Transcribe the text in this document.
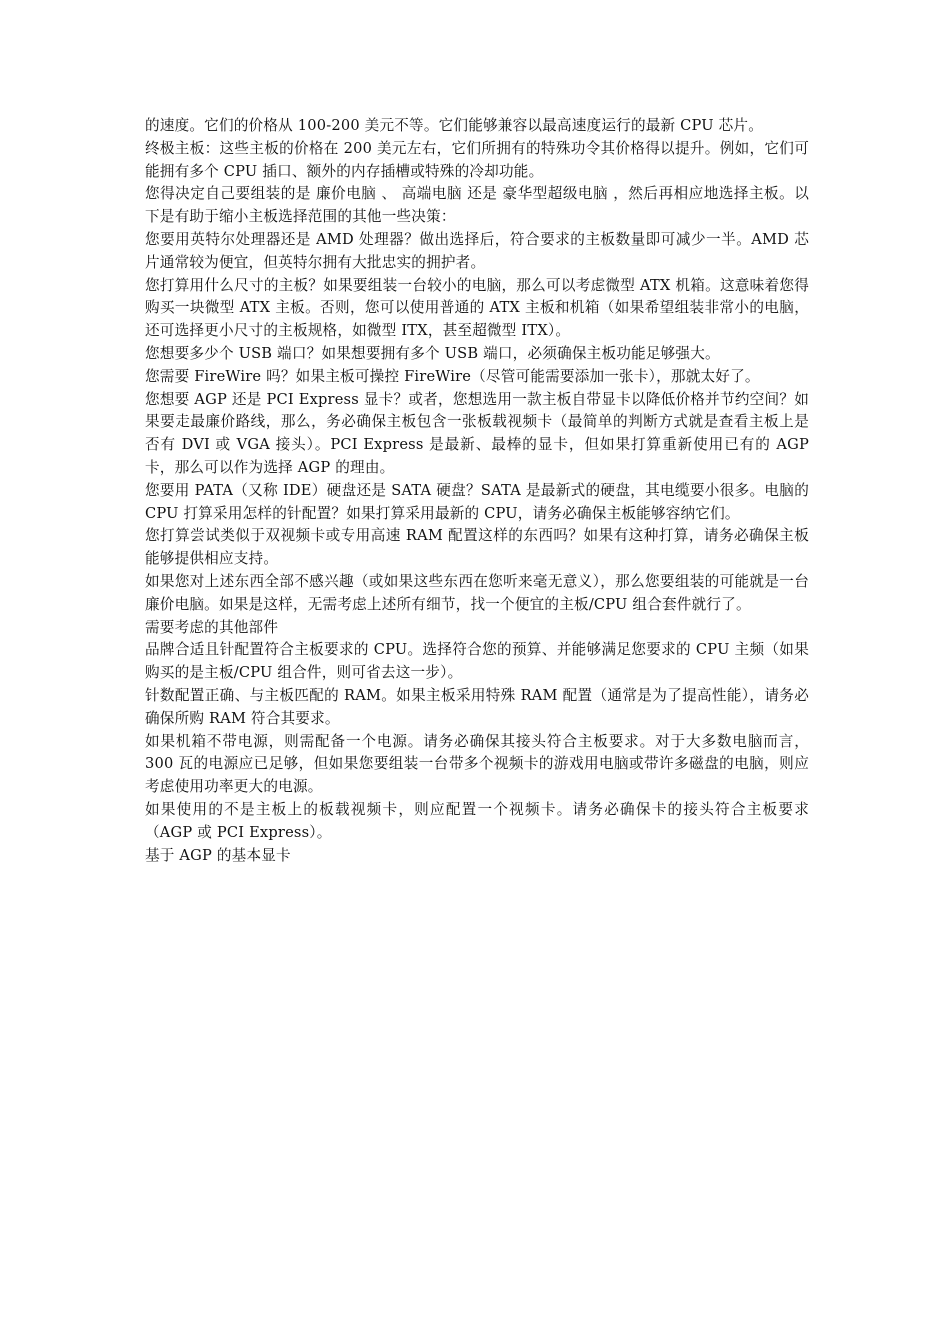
的速度。它们的价格从 100-200 美元不等。它们能够兼容以最高速度运行的最新 CPU 芯片。

终极主板：这些主板的价格在 200 美元左右，它们所拥有的特殊功令其价格得以提升。例如，它们可能拥有多个 CPU 插口、额外的内存插槽或特殊的冷却功能。

您得决定自己要组装的是 廉价电脑 、 高端电脑 还是 豪华型超级电脑 ，然后再相应地选择主板。以下是有助于缩小主板选择范围的其他一些决策：

您要用英特尔处理器还是 AMD 处理器？做出选择后，符合要求的主板数量即可减少一半。AMD 芯片通常较为便宜，但英特尔拥有大批忠实的拥护者。

您打算用什么尺寸的主板？如果要组装一台较小的电脑，那么可以考虑微型 ATX 机箱。这意味着您得购买一块微型 ATX 主板。否则，您可以使用普通的 ATX 主板和机箱（如果希望组装非常小的电脑，还可选择更小尺寸的主板规格，如微型 ITX，甚至超微型 ITX）。

您想要多少个 USB 端口？如果想要拥有多个 USB 端口，必须确保主板功能足够强大。

您需要 FireWire 吗？如果主板可操控 FireWire（尽管可能需要添加一张卡），那就太好了。

您想要 AGP 还是 PCI Express 显卡？或者，您想选用一款主板自带显卡以降低价格并节约空间？如果要走最廉价路线，那么，务必确保主板包含一张板载视频卡（最简单的判断方式就是查看主板上是否有 DVI 或 VGA 接头）。PCI Express 是最新、最棒的显卡，但如果打算重新使用已有的 AGP 卡，那么可以作为选择 AGP 的理由。

您要用 PATA（又称 IDE）硬盘还是 SATA 硬盘？SATA 是最新式的硬盘，其电缆要小很多。电脑的 CPU 打算采用怎样的针配置？如果打算采用最新的 CPU，请务必确保主板能够容纳它们。

您打算尝试类似于双视频卡或专用高速 RAM 配置这样的东西吗？如果有这种打算，请务必确保主板能够提供相应支持。

如果您对上述东西全部不感兴趣（或如果这些东西在您听来毫无意义），那么您要组装的可能就是一台廉价电脑。如果是这样，无需考虑上述所有细节，找一个便宜的主板/CPU 组合套件就行了。

需要考虑的其他部件

品牌合适且针配置符合主板要求的 CPU。选择符合您的预算、并能够满足您要求的 CPU 主频（如果购买的是主板/CPU 组合件，则可省去这一步）。

针数配置正确、与主板匹配的 RAM。如果主板采用特殊 RAM 配置（通常是为了提高性能），请务必确保所购 RAM 符合其要求。

如果机箱不带电源，则需配备一个电源。请务必确保其接头符合主板要求。对于大多数电脑而言，300 瓦的电源应已足够，但如果您要组装一台带多个视频卡的游戏用电脑或带许多磁盘的电脑，则应考虑使用功率更大的电源。

如果使用的不是主板上的板载视频卡，则应配置一个视频卡。请务必确保卡的接头符合主板要求（AGP 或 PCI Express）。

基于 AGP 的基本显卡
